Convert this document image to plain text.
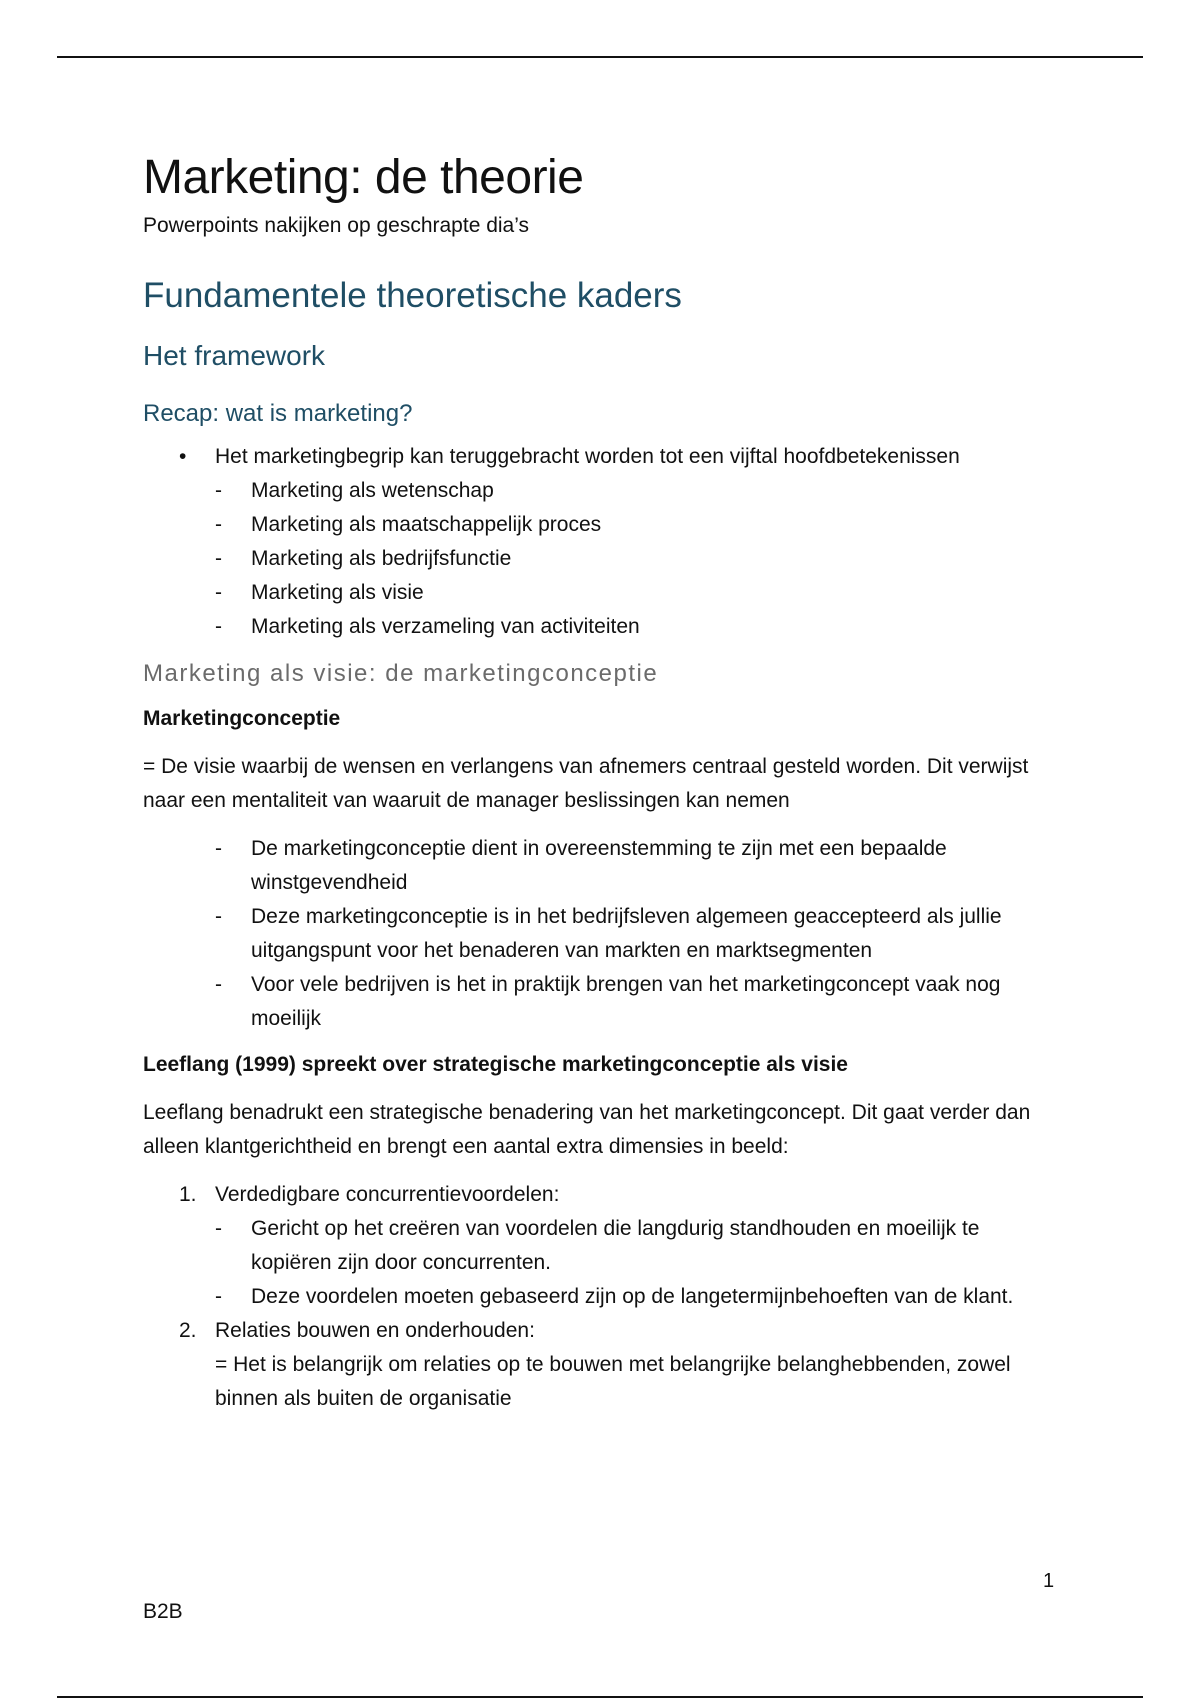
Marketing: de theorie

Powerpoints nakijken op geschrapte dia’s

Fundamentele theoretische kaders
Het framework
Recap: wat is marketing?
• Het marketingbegrip kan teruggebracht worden tot een vijftal hoofdbetekenissen
- Marketing als wetenschap
- Marketing als maatschappelijk proces
- Marketing als bedrijfsfunctie
- Marketing als visie
- Marketing als verzameling van activiteiten
Marketing als visie: de marketingconceptie

Marketingconceptie

= De visie waarbij de wensen en verlangens van afnemers centraal gesteld worden. Dit verwijst naar een mentaliteit van waaruit de manager beslissingen kan nemen

- De marketingconceptie dient in overeenstemming te zijn met een bepaalde winstgevendheid
- Deze marketingconceptie is in het bedrijfsleven algemeen geaccepteerd als jullie uitgangspunt voor het benaderen van markten en marktsegmenten
- Voor vele bedrijven is het in praktijk brengen van het marketingconcept vaak nog moeilijk

Leeflang (1999) spreekt over strategische marketingconceptie als visie

Leeflang benadrukt een strategische benadering van het marketingconcept. Dit gaat verder dan alleen klantgerichtheid en brengt een aantal extra dimensies in beeld:

1. Verdedigbare concurrentievoordelen:
- Gericht op het creëren van voordelen die langdurig standhouden en moeilijk te kopiëren zijn door concurrenten.
- Deze voordelen moeten gebaseerd zijn op de langetermijnbehoeften van de klant.
2. Relaties bouwen en onderhouden:

= Het is belangrijk om relaties op te bouwen met belangrijke belanghebbenden, zowel binnen als buiten de organisatie

1
B2B
